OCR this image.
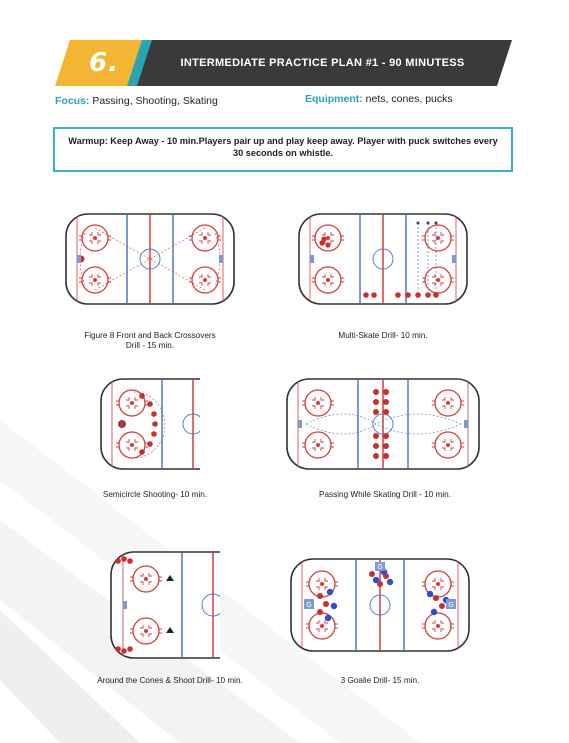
6.	INTERMEDIATE PRACTICE PLAN #1 - 90 MINUTESS
Focus: Passing, Shooting, Skating	Equipment: nets, cones, pucks
Warmup: Keep Away - 10 min.Players pair up and play keep away. Player with puck switches every 30 seconds on whistle.
Figure 8 Front and Back Crossovers Drill - 15 min.
Multi-Skate Drill- 10 min.
Semicircle Shooting- 10 min.	Passing While Skating Drill - 10 min.
Around the Cones & Shoot Drill- 10 min.
G
G
G
3 Goalie Drill- 15 min.
